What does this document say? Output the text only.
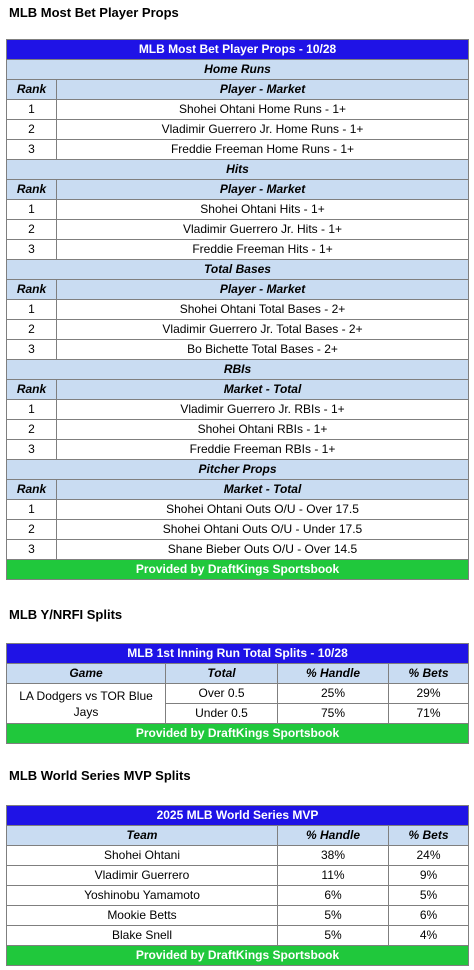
MLB Most Bet Player Props

MLB Most Bet Player Props - 10/28	
Home Runs	
Rank	Player - Market
1	Shohei Ohtani Home Runs - 1+
2	Vladimir Guerrero Jr. Home Runs - 1+
3	Freddie Freeman Home Runs - 1+
Hits	
Rank	Player - Market
1	Shohei Ohtani Hits - 1+
2	Vladimir Guerrero Jr. Hits - 1+
3	Freddie Freeman Hits - 1+
Total Bases	
Rank	Player - Market
1	Shohei Ohtani Total Bases - 2+
2	Vladimir Guerrero Jr. Total Bases - 2+
3	Bo Bichette Total Bases - 2+
RBIs	
Rank	Market - Total
1	Vladimir Guerrero Jr. RBIs - 1+
2	Shohei Ohtani RBIs - 1+
3	Freddie Freeman RBIs - 1+
Pitcher Props	
Rank	Market - Total
1	Shohei Ohtani Outs O/U - Over 17.5
2	Shohei Ohtani Outs O/U - Under 17.5
3	Shane Bieber Outs O/U - Over 14.5
Provided by DraftKings Sportsbook	

MLB Y/NRFI Splits

MLB 1st Inning Run Total Splits - 10/28			
Game	Total	% Handle	% Bets
LA Dodgers vs TOR Blue Jays	Over 0.5	25%	29%
	Under 0.5	75%	71%
Provided by DraftKings Sportsbook			

MLB World Series MVP Splits

2025 MLB World Series MVP		
Team	% Handle	% Bets
Shohei Ohtani	38%	24%
Vladimir Guerrero	11%	9%
Yoshinobu Yamamoto	6%	5%
Mookie Betts	5%	6%
Blake Snell	5%	4%
Provided by DraftKings Sportsbook		
